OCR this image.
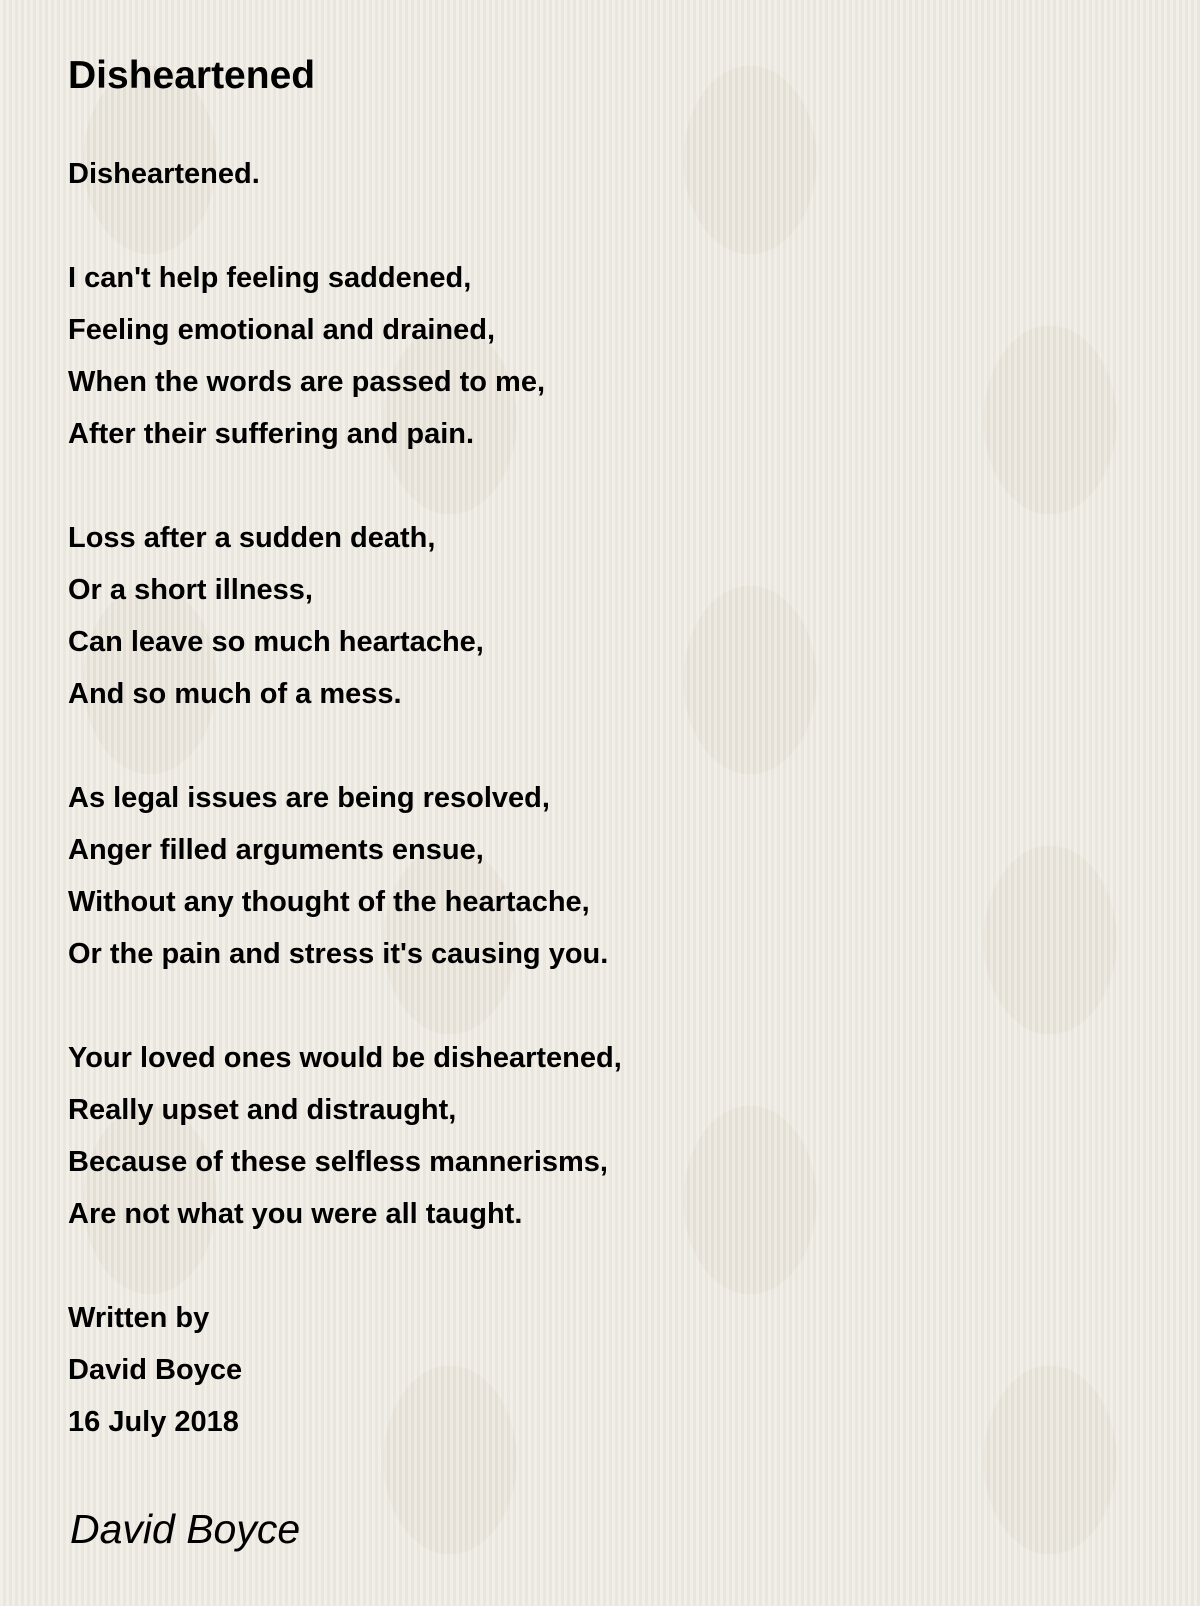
Disheartened
Disheartened.
I can't help feeling saddened,
Feeling emotional and drained,
When the words are passed to me,
After their suffering and pain.
Loss after a sudden death,
Or a short illness,
Can leave so much heartache,
And so much of a mess.
As legal issues are being resolved,
Anger filled arguments ensue,
Without any thought of the heartache,
Or the pain and stress it's causing you.
Your loved ones would be disheartened,
Really upset and distraught,
Because of these selfless mannerisms,
Are not what you were all taught.
Written by
David Boyce
16 July 2018
David Boyce
